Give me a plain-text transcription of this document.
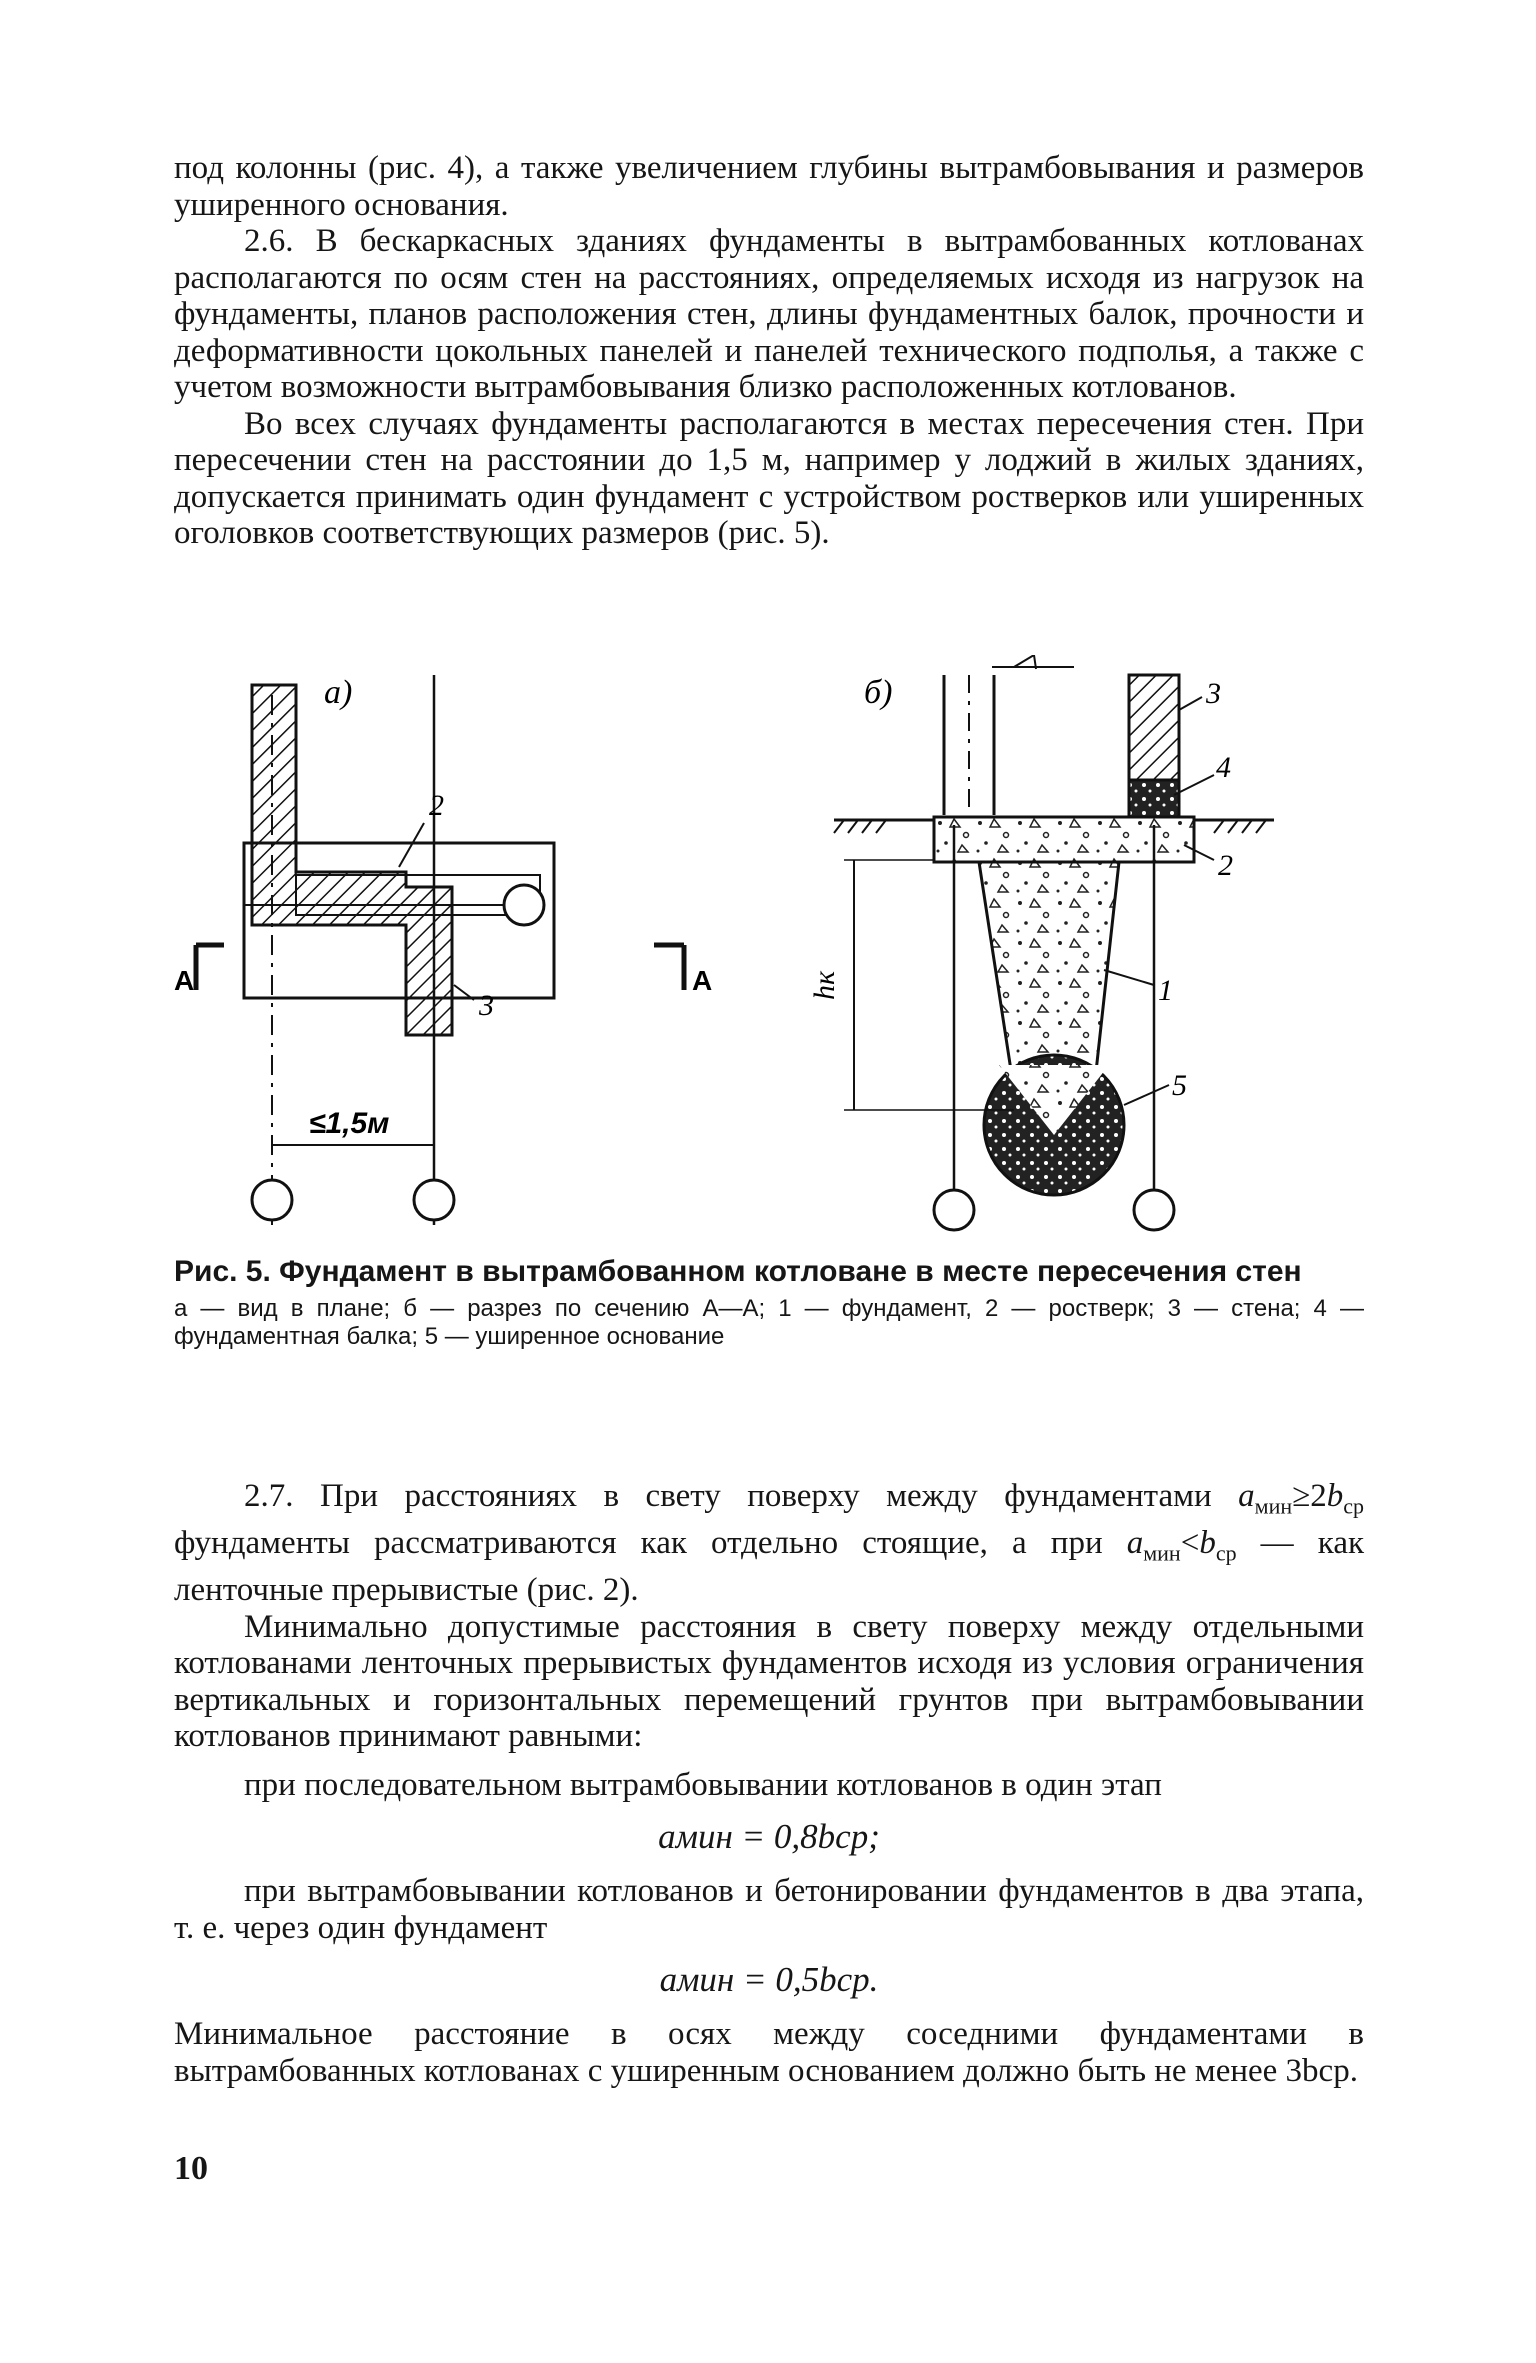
под колонны (рис. 4), а также увеличением глубины вытрамбовывания и размеров уширенного основания.

2.6. В бескаркасных зданиях фундаменты в вытрамбованных котлованах располагаются по осям стен на расстояниях, определяемых исходя из нагрузок на фундаменты, планов расположения стен, длины фундаментных балок, прочности и деформативности цокольных панелей и панелей технического подполья, а также с учетом возможности вытрамбовывания близко расположенных котлованов.

Во всех случаях фундаменты располагаются в местах пересечения стен. При пересечении стен на расстоянии до 1,5 м, например у лоджий в жилых зданиях, допускается принимать один фундамент с устройством ростверков или уширенных оголовков соответствующих размеров (рис. 5).

а)
≤1,5м
2
3
А	А
б)
hк
3
4
2
1
5

Рис. 5. Фундамент в вытрамбованном котловане в месте пересечения стен

а — вид в плане; б — разрез по сечению А—А; 1 — фундамент, 2 — ростверк; 3 — стена; 4 — фундаментная балка; 5 — уширенное основание

2.7. При расстояниях в свету поверху между фундаментами $а_{мин}\ge 2b_{ср}$ фундаменты рассматриваются как отдельно стоящие, а при $а_{мин}<b_{ср}$ — как ленточные прерывистые (рис. 2).

Минимально допустимые расстояния в свету поверху между отдельными котлованами ленточных прерывистых фундаментов исходя из условия ограничения вертикальных и горизонтальных перемещений грунтов при вытрамбовывании котлованов принимают равными:

при последовательном вытрамбовывании котлованов в один этап

aмин = 0,8bср;

при вытрамбовывании котлованов и бетонировании фундаментов в два этапа, т. е. через один фундамент

aмин = 0,5bср.

Минимальное расстояние в осях между соседними фундаментами в вытрамбованных котлованах с уширенным основанием должно быть не менее 3bср.

10
